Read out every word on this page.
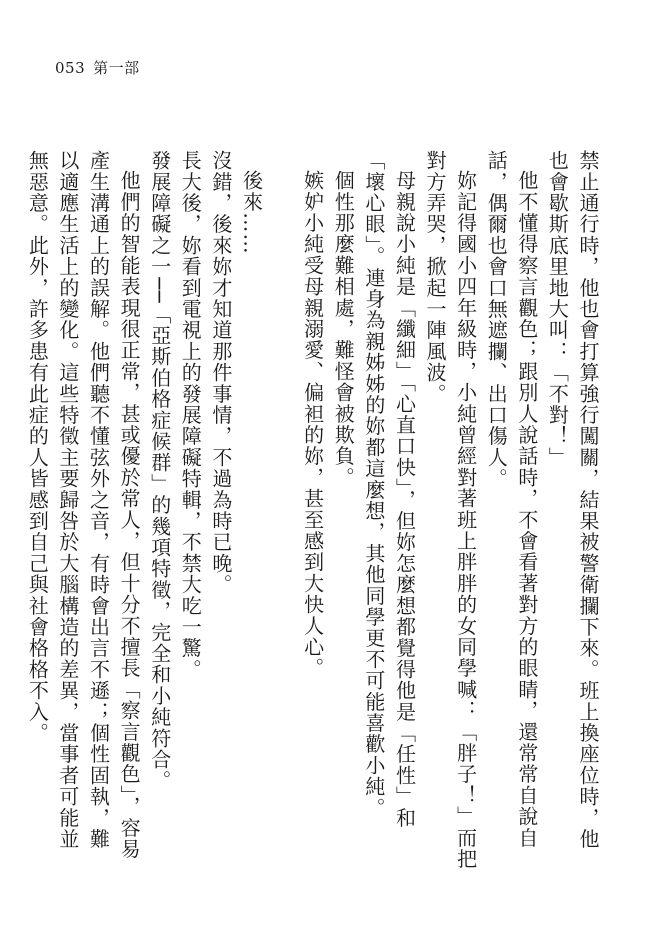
053 第一部

禁止通行時，他也會打算強行闖關，結果被警衛攔下來。班上換座位時，他也會歇斯底里地大叫：「不對！」

他不懂得察言觀色；跟別人說話時，不會看著對方的眼睛，還常常自說自話，偶爾也會口無遮攔、出口傷人。

妳記得國小四年級時，小純曾經對著班上胖胖的女同學喊：「胖子！」而把對方弄哭，掀起一陣風波。

母親說小純是「纖細」「心直口快」，但妳怎麼想都覺得他是「任性」和「壞心眼」。連身為親姊姊的妳都這麼想，其他同學更不可能喜歡小純。

個性那麼難相處，難怪會被欺負。

嫉妒小純受母親溺愛、偏袒的妳，甚至感到大快人心。

後來……

沒錯，後來妳才知道那件事情，不過為時已晚。

長大後，妳看到電視上的發展障礙特輯，不禁大吃一驚。

發展障礙之一──「亞斯伯格症候群」的幾項特徵，完全和小純符合。

他們的智能表現很正常，甚或優於常人，但十分不擅長「察言觀色」，容易產生溝通上的誤解。他們聽不懂弦外之音，有時會出言不遜；個性固執，難以適應生活上的變化。這些特徵主要歸咎於大腦構造的差異，當事者可能並無惡意。此外，許多患有此症的人皆感到自己與社會格格不入。
